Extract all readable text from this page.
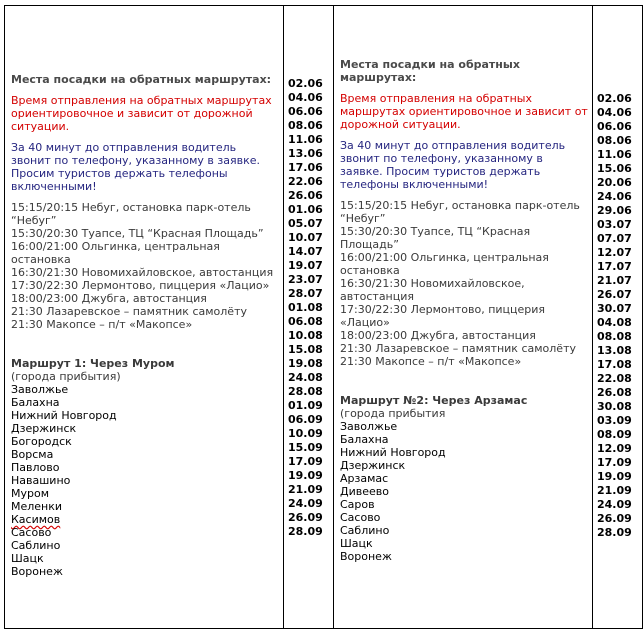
Места посадки на обратных маршрутах:

Время отправления на обратных маршрутах ориентировочное и зависит от дорожной ситуации.

За 40 минут до отправления водитель звонит по телефону, указанному в заявке. Просим туристов держать телефоны включенными!

15:15/20:15 Небуг, остановка парк-отель “Небуг”
15:30/20:30 Туапсе, ТЦ “Красная Площадь”
16:00/21:00 Ольгинка, центральная остановка
16:30/21:30 Новомихайловское, автостанция
17:30/22:30 Лермонтово, пиццерия «Лацио»
18:00/23:00 Джубга, автостанция
21:30 Лазаревское – памятник самолёту
21:30 Макопсе – п/т «Макопсе»

Маршрут 1: Через Муром

(города прибытия)
Заволжье
Балахна
Нижний Новгород
Дзержинск
Богородск
Ворсма
Павлово
Навашино
Муром
Меленки
Касимов
Сасово
Саблино
Шацк
Воронеж

02.06
04.06
06.06
08.06
11.06
13.06
17.06
22.06
26.06
01.06
05.07
10.07
14.07
19.07
23.07
28.07
01.08
06.08
10.08
15.08
19.08
24.08
28.08
01.09
06.09
10.09
15.09
17.09
19.09
21.09
24.09
26.09
28.09

Места посадки на обратных маршрутах:

Время отправления на обратных маршрутах ориентировочное и зависит от дорожной ситуации.

За 40 минут до отправления водитель звонит по телефону, указанному в заявке. Просим туристов держать телефоны включенными!

15:15/20:15 Небуг, остановка парк-отель “Небуг”
15:30/20:30 Туапсе, ТЦ “Красная Площадь”
16:00/21:00 Ольгинка, центральная остановка
16:30/21:30 Новомихайловское, автостанция
17:30/22:30 Лермонтово, пиццерия «Лацио»
18:00/23:00 Джубга, автостанция
21:30 Лазаревское – памятник самолёту
21:30 Макопсе – п/т «Макопсе»

Маршрут №2: Через Арзамас

(города прибытия
Заволжье
Балахна
Нижний Новгород
Дзержинск
Арзамас
Дивеево
Саров
Сасово
Саблино
Шацк
Воронеж

02.06
04.06
06.06
08.06
11.06
15.06
20.06
24.06
29.06
03.07
07.07
12.07
17.07
21.07
26.07
30.07
04.08
08.08
13.08
17.08
22.08
26.08
30.08
03.09
08.09
12.09
17.09
19.09
21.09
24.09
26.09
28.09
